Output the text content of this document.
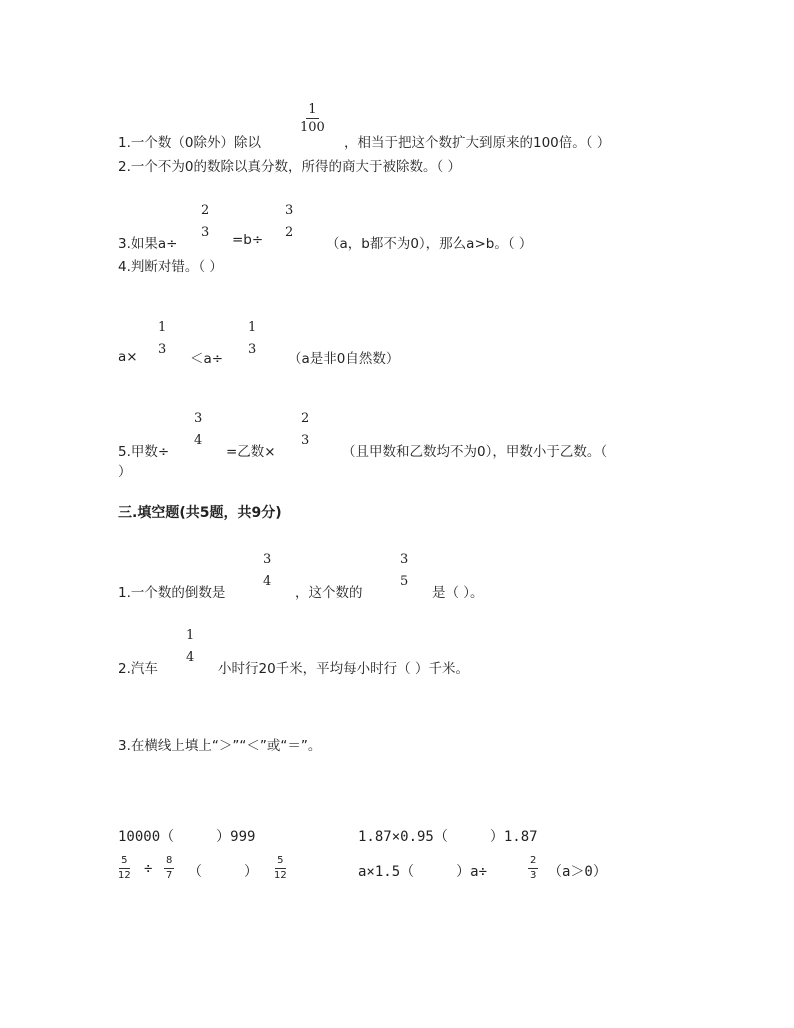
1.一个数（0除外）除以
$\frac{1}{100}$
，相当于把这个数扩大到原来的100倍。（ ）
2.一个不为0的数除以真分数，所得的商大于被除数。（ ）
3.如果a÷
2
3 =b÷
3
2
（a，b都不为0），那么a>b。（ ）
4.判断对错。（ ）
a×
1
3
＜a÷
1
3
（a是非0自然数）
5.甲数÷
3
4
=乙数×
2
3
（且甲数和乙数均不为0），甲数小于乙数。（
）
三.填空题(共5题，共9分)
1.一个数的倒数是
3
4
，这个数的
3
5
是（ ）。
2.汽车
1
4
小时行20千米，平均每小时行（ ）千米。
3.在横线上填上“＞”“＜”或“＝”。
10000（　　　）999	1.87×0.95（　　　）1.87
$\frac{5}{12} \div \frac{8}{7}$ （　　　） $\frac{5}{12}$	a×1.5（　　　）a÷	$\frac{2}{3} (a>0)$
